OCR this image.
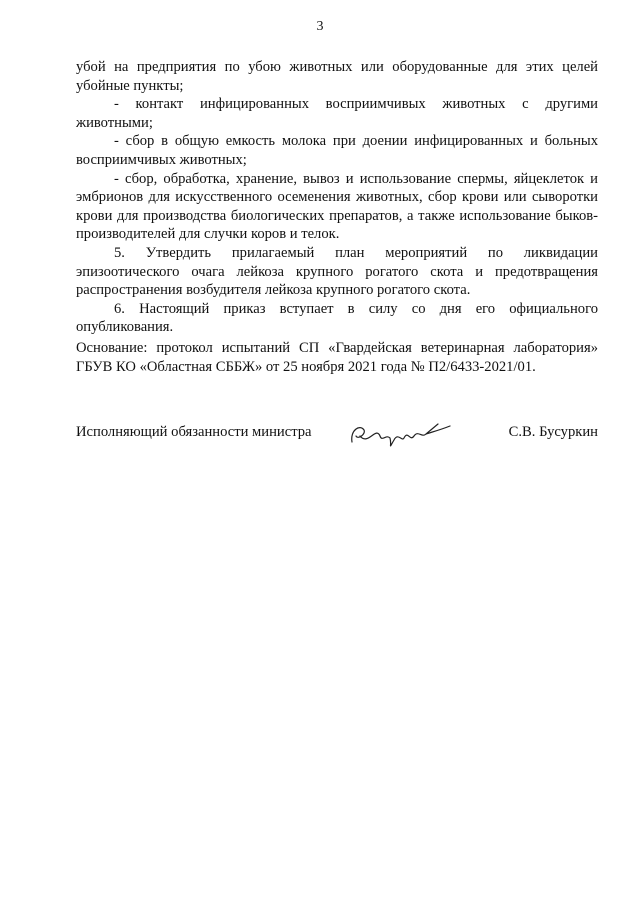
3

убой на предприятия по убою животных или оборудованные для этих целей убойные пункты;

- контакт инфицированных восприимчивых животных с другими животными;

- сбор в общую емкость молока при доении инфицированных и больных восприимчивых животных;

- сбор, обработка, хранение, вывоз и использование спермы, яйцеклеток и эмбрионов для искусственного осеменения животных, сбор крови или сыворотки крови для производства биологических препаратов, а также использование быков-производителей для случки коров и телок.

5. Утвердить прилагаемый план мероприятий по ликвидации эпизоотического очага лейкоза крупного рогатого скота и предотвращения распространения возбудителя лейкоза крупного рогатого скота.

6. Настоящий приказ вступает в силу со дня его официального опубликования.

Основание: протокол испытаний СП «Гвардейская ветеринарная лаборатория» ГБУВ КО «Областная СББЖ» от 25 ноября 2021 года № П2/6433-2021/01.

Исполняющий обязанности министра	С.В. Бусуркин
